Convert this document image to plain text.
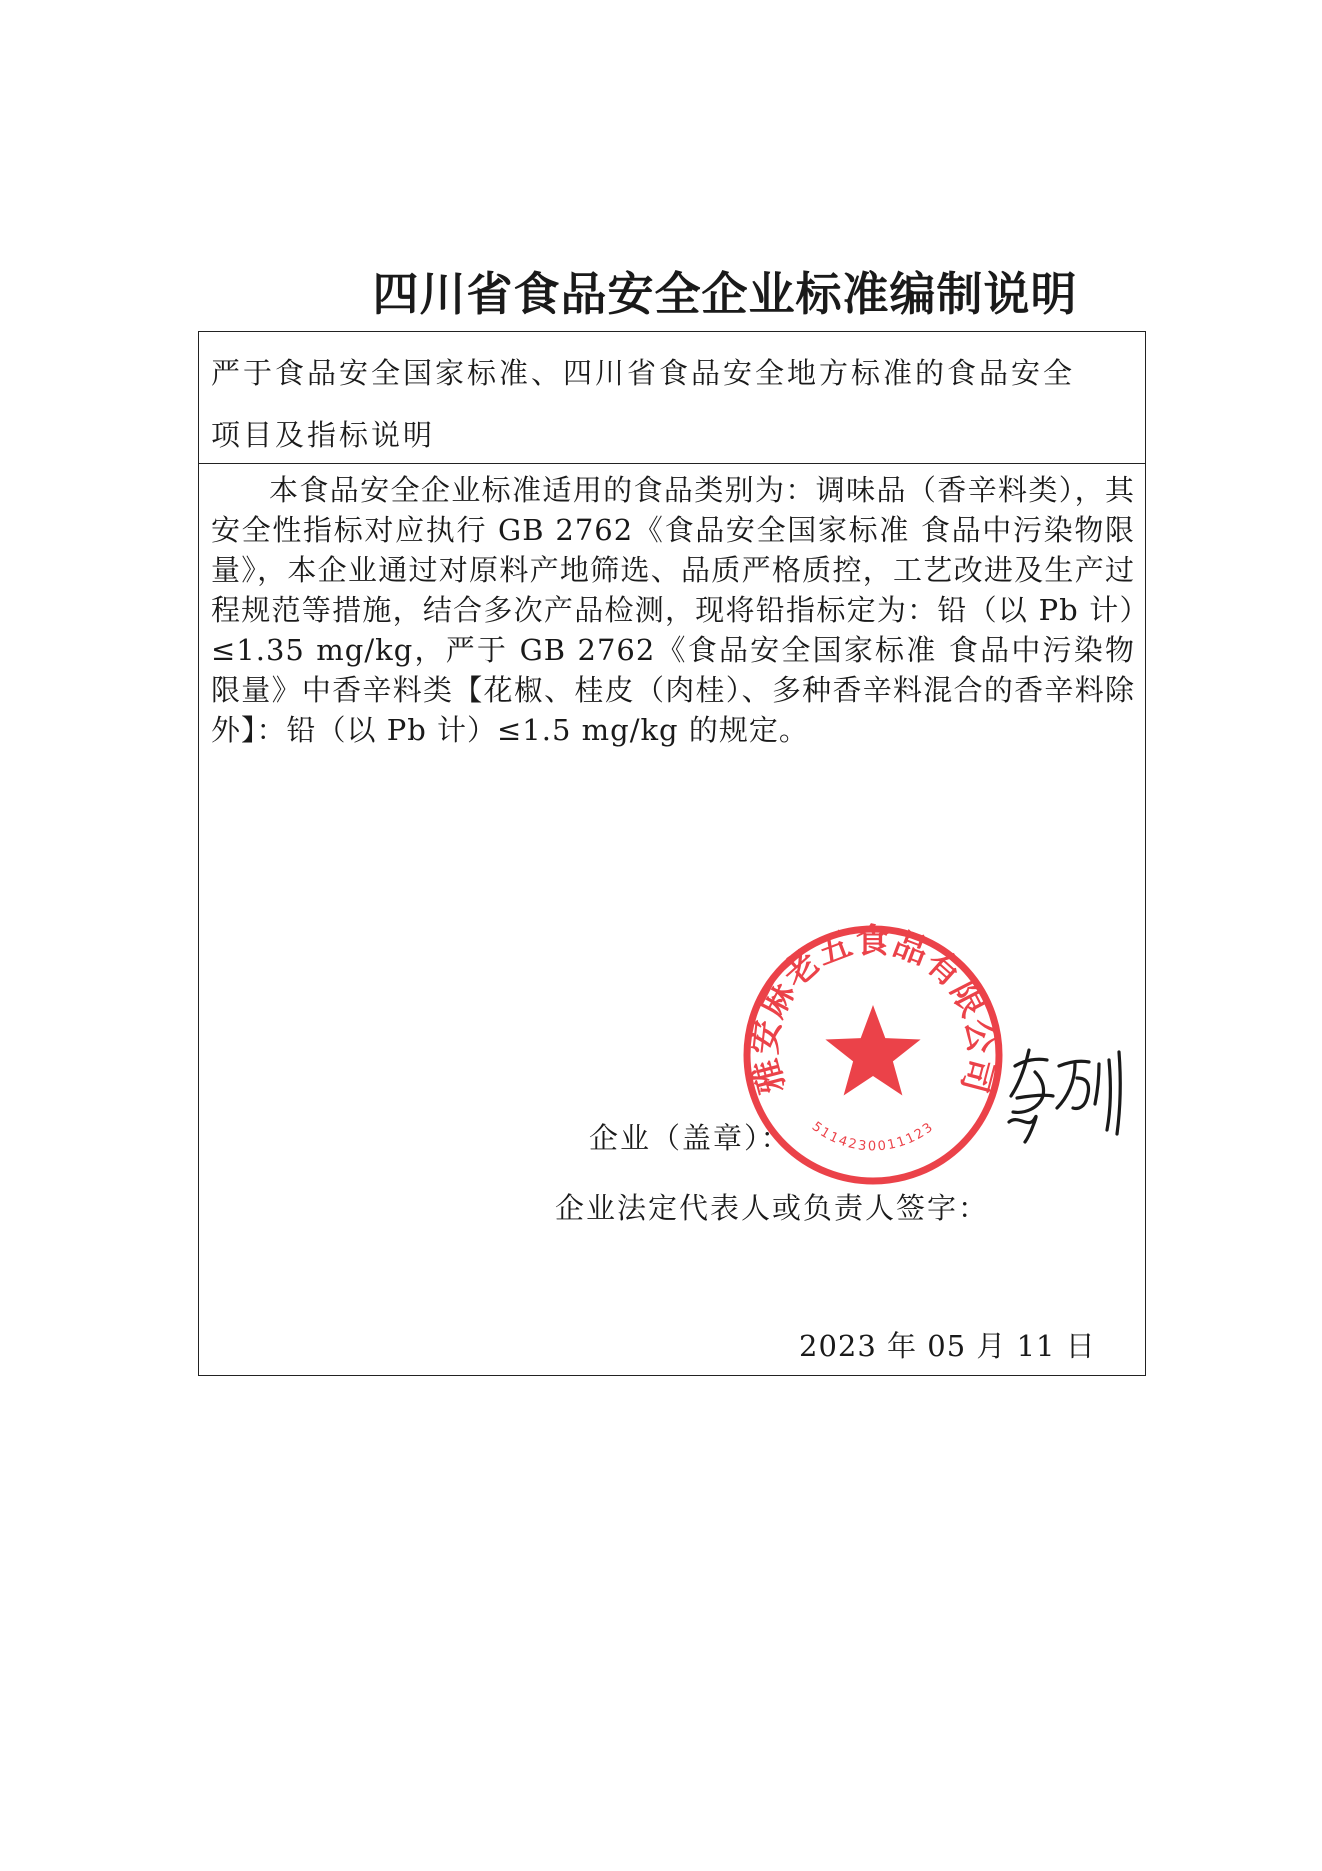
四川省食品安全企业标准编制说明
严于食品安全国家标准、四川省食品安全地方标准的食品安全
项目及指标说明

本食品安全企业标准适用的食品类别为：调味品（香辛料类），其安全性指标对应执行 GB 2762《食品安全国家标准 食品中污染物限量》，本企业通过对原料产地筛选、品质严格质控，工艺改进及生产过程规范等措施，结合多次产品检测，现将铅指标定为：铅（以 Pb 计）≤1.35 mg/kg，严于 GB 2762《食品安全国家标准 食品中污染物限量》中香辛料类【花椒、桂皮（肉桂）、多种香辛料混合的香辛料除外】：铅（以 Pb 计）≤1.5 mg/kg 的规定。

企业（盖章）：
企业法定代表人或负责人签字：
2023 年 05 月 11 日
雅安麻老五食品有限公司
5114230011123
